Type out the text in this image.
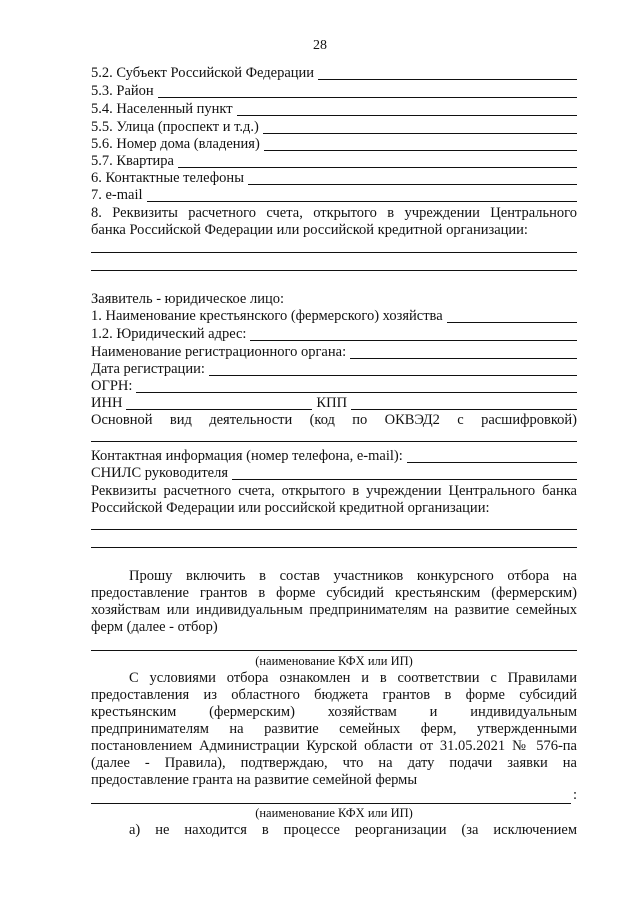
28
5.2. Субъект Российской Федерации
5.3. Район
5.4. Населенный пункт
5.5. Улица (проспект и т.д.)
5.6. Номер дома (владения)
5.7. Квартира
6. Контактные телефоны
7. e-mail
8. Реквизиты расчетного счета, открытого в учреждении Центрального
банка Российской Федерации или российской кредитной организации:
Заявитель - юридическое лицо:
1. Наименование крестьянского (фермерского) хозяйства
1.2. Юридический адрес:
Наименование регистрационного органа:
Дата регистрации:
ОГРН:
ИНН	КПП
Основной вид деятельности (код по ОКВЭД2 с расшифровкой)
Контактная информация (номер телефона, e-mail):
СНИЛС руководителя
Реквизиты расчетного счета, открытого в учреждении Центрального банка
Российской Федерации или российской кредитной организации:
Прошу включить в состав участников конкурсного отбора на
предоставление грантов в форме субсидий крестьянским (фермерским)
хозяйствам или индивидуальным предпринимателям на развитие семейных
ферм (далее - отбор)
(наименование КФХ или ИП)
С условиями отбора ознакомлен и в соответствии с Правилами
предоставления из областного бюджета грантов в форме субсидий
крестьянским (фермерским) хозяйствам и индивидуальным
предпринимателям на развитие семейных ферм, утвержденными
постановлением Администрации Курской области от 31.05.2021 № 576-па
(далее - Правила), подтверждаю, что на дату подачи заявки на
предоставление гранта на развитие семейной фермы
:
(наименование КФХ или ИП)
а) не находится в процессе реорганизации (за исключением
